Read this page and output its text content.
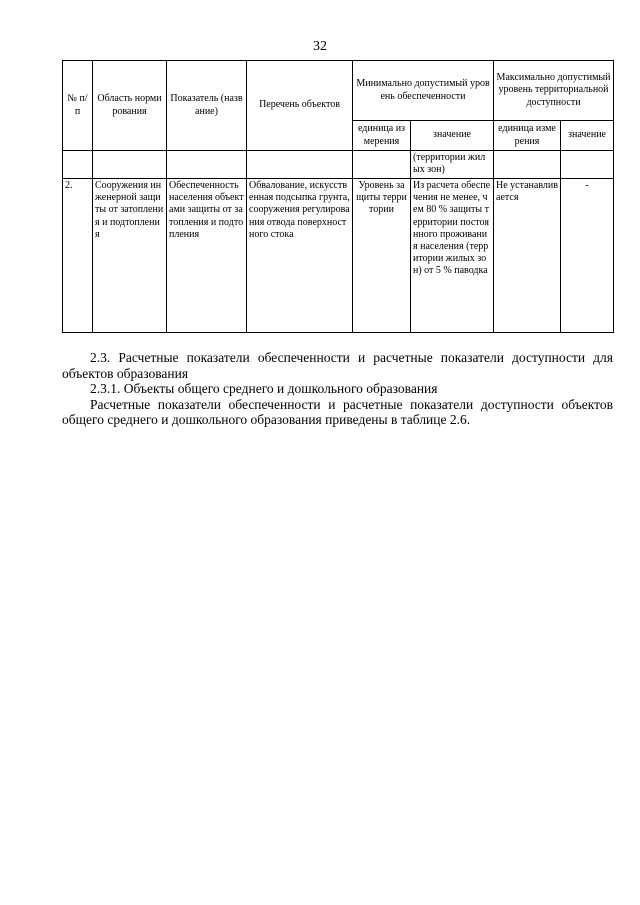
32
№ п/п	Область нормирования	Показатель (название)	Перечень объектов	Минимально допустимый уровень обеспеченности		Максимально допустимый уровень территориальной доступности	
				единица измерения	значение	единица измерения	значение
					(территории жилых зон)		
2.	Сооружения инженерной защиты от затопления и подтопления	Обеспеченность населения объектами защиты от затопления и подтопления	Обвалование, искусственная подсыпка грунта, сооружения регулирования отвода поверхностного стока	Уровень защиты территории	Из расчета обеспечения не менее, чем 80 % защиты территории постоянного проживания населения (территории жилых зон) от 5 % паводка	Не устанавливается	-

2.3. Расчетные показатели обеспеченности и расчетные показатели доступности для объектов образования

2.3.1. Объекты общего среднего и дошкольного образования

Расчетные показатели обеспеченности и расчетные показатели доступности объектов общего среднего и дошкольного образования приведены в таблице 2.6.
